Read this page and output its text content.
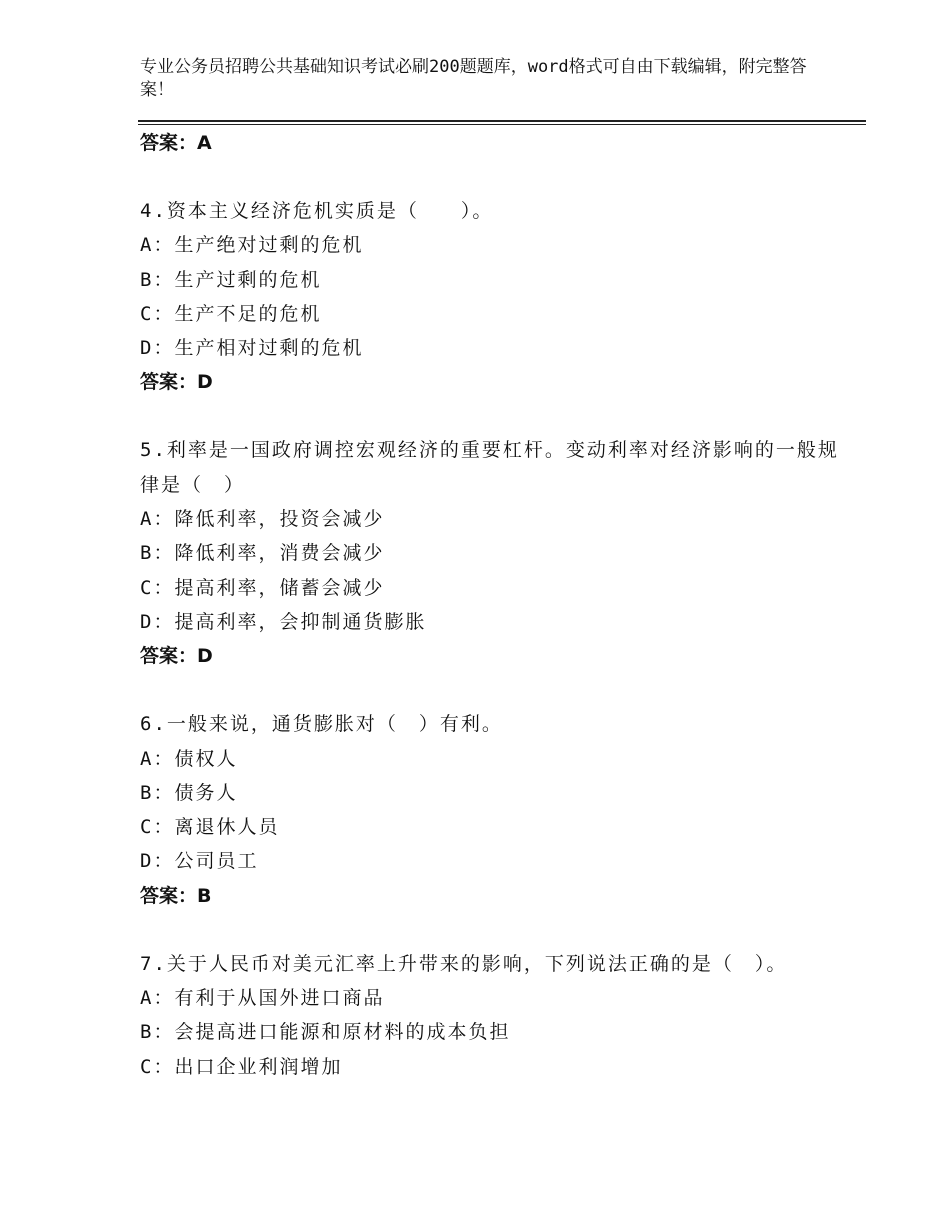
专业公务员招聘公共基础知识考试必刷200题题库，word格式可自由下载编辑，附完整答案！
答案：A
4.资本主义经济危机实质是（　　）。
A：生产绝对过剩的危机
B：生产过剩的危机
C：生产不足的危机
D：生产相对过剩的危机
答案：D
5.利率是一国政府调控宏观经济的重要杠杆。变动利率对经济影响的一般规律是（　）
A：降低利率，投资会减少
B：降低利率，消费会减少
C：提高利率，储蓄会减少
D：提高利率，会抑制通货膨胀
答案：D
6.一般来说，通货膨胀对（　）有利。
A：债权人
B：债务人
C：离退休人员
D：公司员工
答案：B
7.关于人民币对美元汇率上升带来的影响，下列说法正确的是（　）。
A：有利于从国外进口商品
B：会提高进口能源和原材料的成本负担
C：出口企业利润增加
